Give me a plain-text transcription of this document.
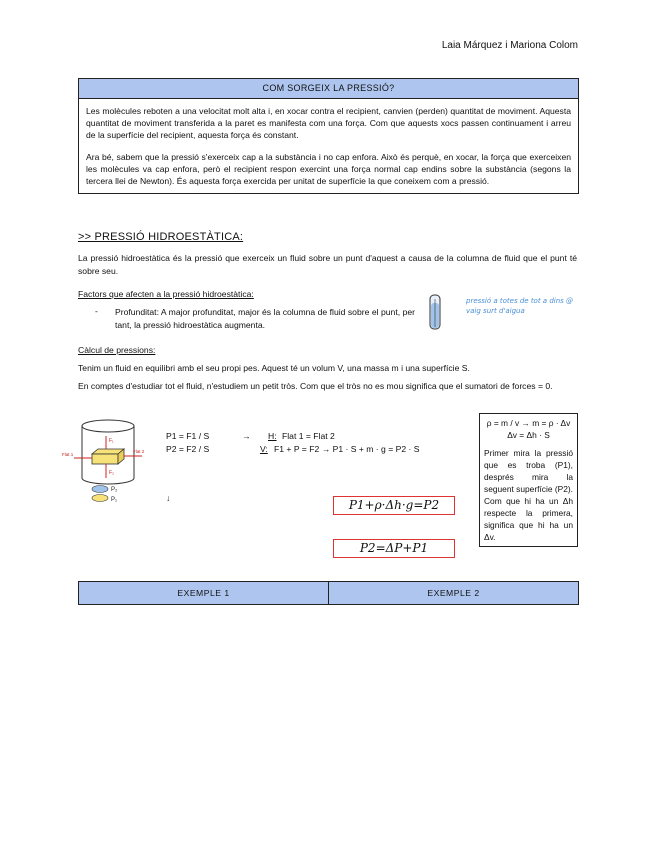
Laia Márquez i Mariona Colom
COM SORGEIX LA PRESSIÓ?

Les molècules reboten a una velocitat molt alta i, en xocar contra el recipient, canvien (perden) quantitat de moviment. Aquesta quantitat de moviment transferida a la paret es manifesta com una força. Com que aquests xocs passen continuament i arreu de la superfície del recipient, aquesta força és constant.

Ara bé, sabem que la pressió s'exerceix cap a la substància i no cap enfora. Això és perquè, en xocar, la força que exerceixen les molècules va cap enfora, però el recipient respon exercint una força normal cap endins sobre la substància (segons la tercera llei de Newton). És aquesta força exercida per unitat de superfície la que coneixem com a pressió.

>> PRESSIÓ HIDROESTÀTICA:
La pressió hidroestàtica és la pressió que exerceix un fluid sobre un punt d'aquest a causa de la columna de fluid que el punt té sobre seu.
Factors que afecten a la pressió hidroestàtica:
- Profunditat: A major profunditat, major és la columna de fluid sobre el punt, per tant, la pressió hidroestàtica augmenta.
pressió a totes de tot a dins @ vaig surt d'aigua
Càlcul de pressions:
Tenim un fluid en equilibri amb el seu propi pes. Aquest té un volum V, una massa m i una superfície S.
En comptes d'estudiar tot el fluid, n'estudiem un petit tròs. Com que el tròs no es mou significa que el sumatori de forces = 0.
F₁
F₂
Flat 1
Flat 2
P₂
P₁
P1 = F1 / S
P2 = F2 / S
→ H: Flat 1 = Flat 2
V: F1 + P = F2 → P1 · S + m · g = P2 · S
↓	P1+ρ·Δh·g=P2
P2=ΔP+P1
ρ = m / v → m = ρ · Δv
Δv = Δh · S
Primer mira la pressió que es troba (P1), després mira la seguent superfície (P2). Com que hi ha un Δh respecte la primera, significa que hi ha un Δv.
EXEMPLE 1	EXEMPLE 2
